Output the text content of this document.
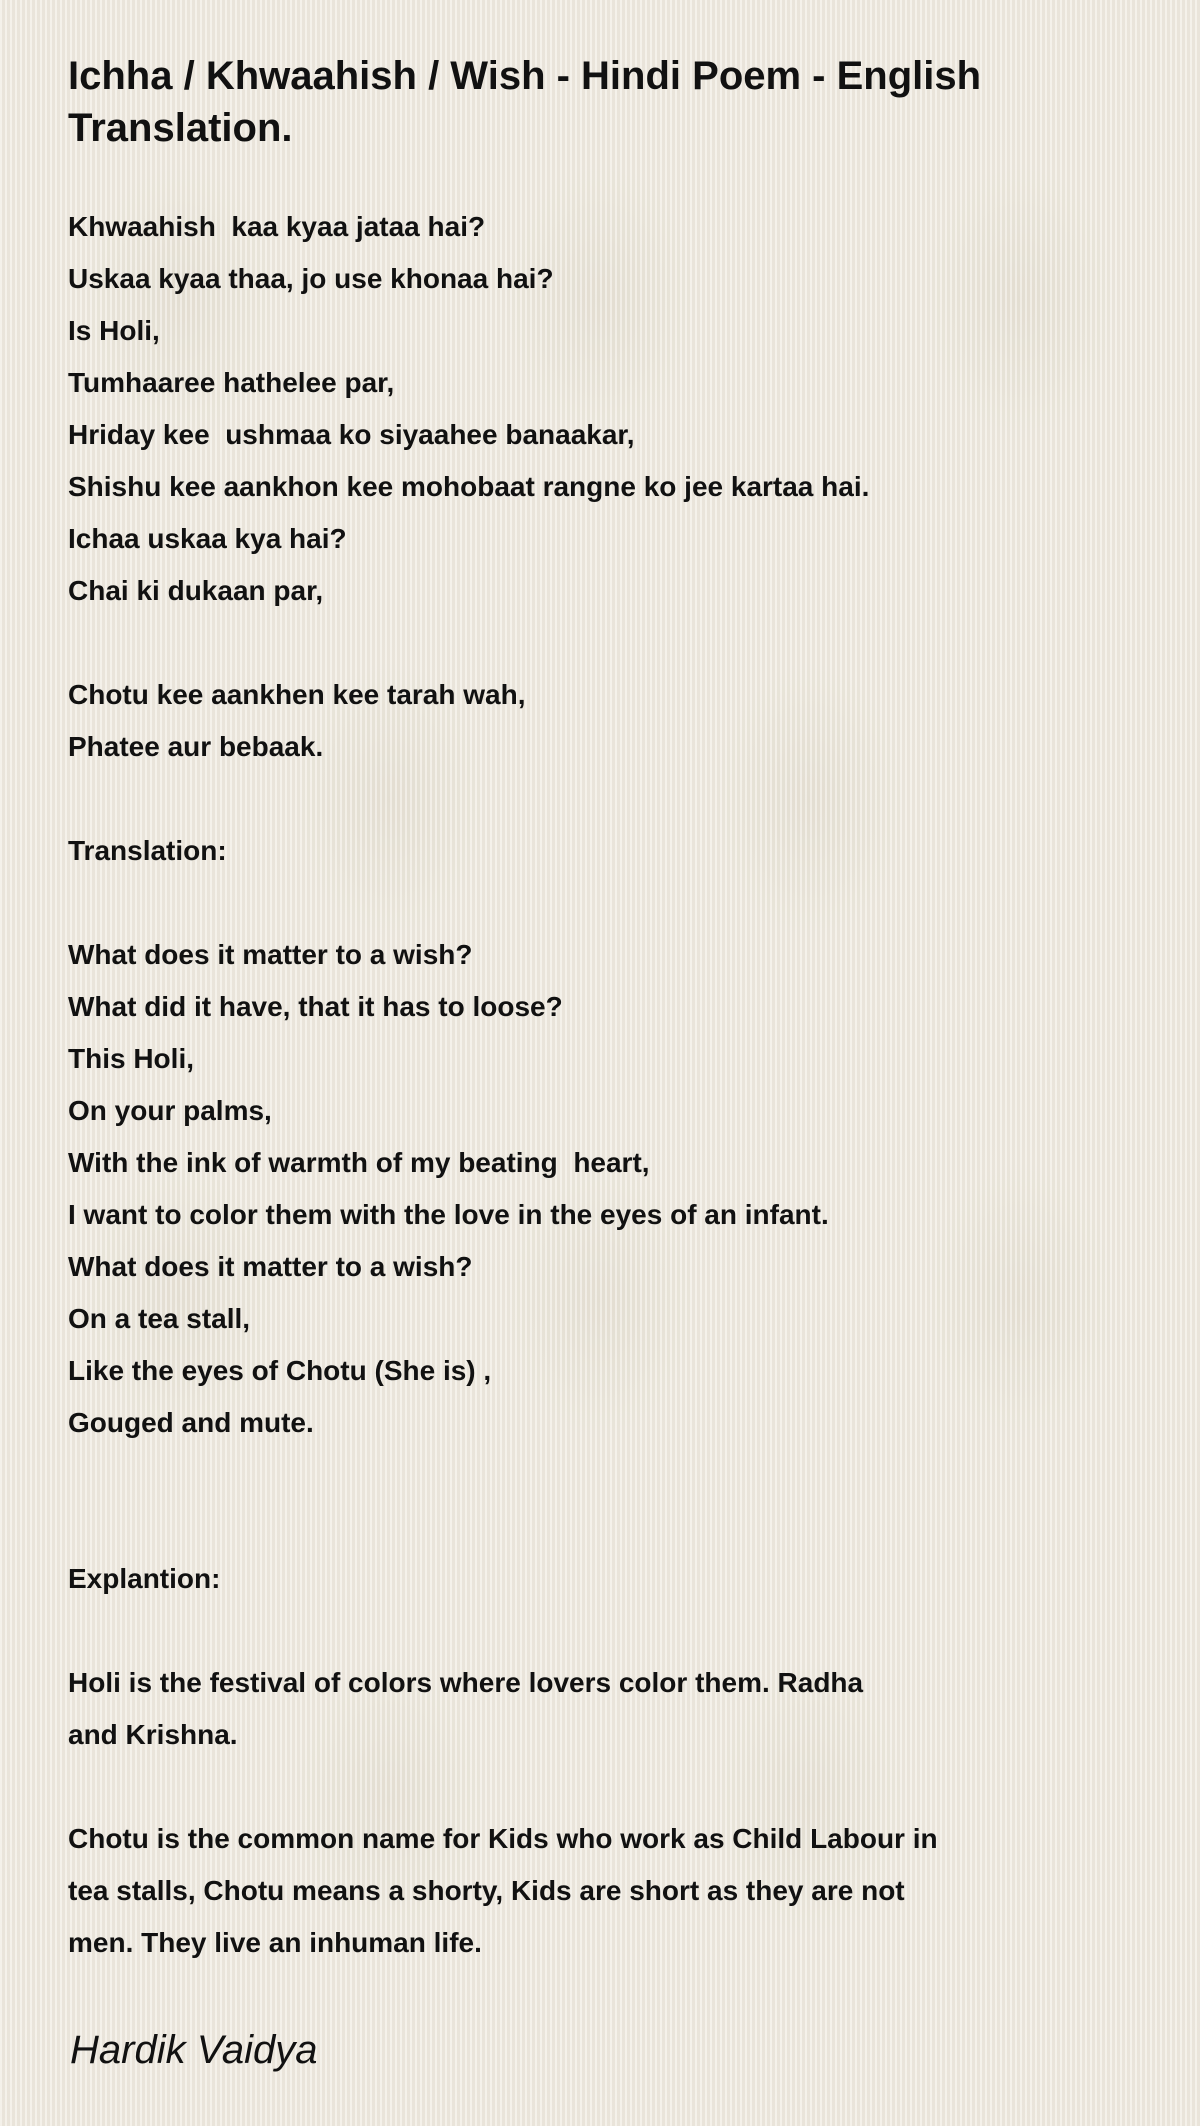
Ichha / Khwaahish / Wish - Hindi Poem - English Translation.
Khwaahish  kaa kyaa jataa hai?
Uskaa kyaa thaa, jo use khonaa hai?
Is Holi,
Tumhaaree hathelee par,
Hriday kee  ushmaa ko siyaahee banaakar,
Shishu kee aankhon kee mohobaat rangne ko jee kartaa hai.
Ichaa uskaa kya hai?
Chai ki dukaan par,
Chotu kee aankhen kee tarah wah,
Phatee aur bebaak.
Translation:
What does it matter to a wish?
What did it have, that it has to loose?
This Holi,
On your palms,
With the ink of warmth of my beating  heart,
I want to color them with the love in the eyes of an infant.
What does it matter to a wish?
On a tea stall,
Like the eyes of Chotu (She is) ,
Gouged and mute.
Explantion:
Holi is the festival of colors where lovers color them. Radha
and Krishna.
Chotu is the common name for Kids who work as Child Labour in
tea stalls, Chotu means a shorty, Kids are short as they are not
men. They live an inhuman life.
Hardik Vaidya
